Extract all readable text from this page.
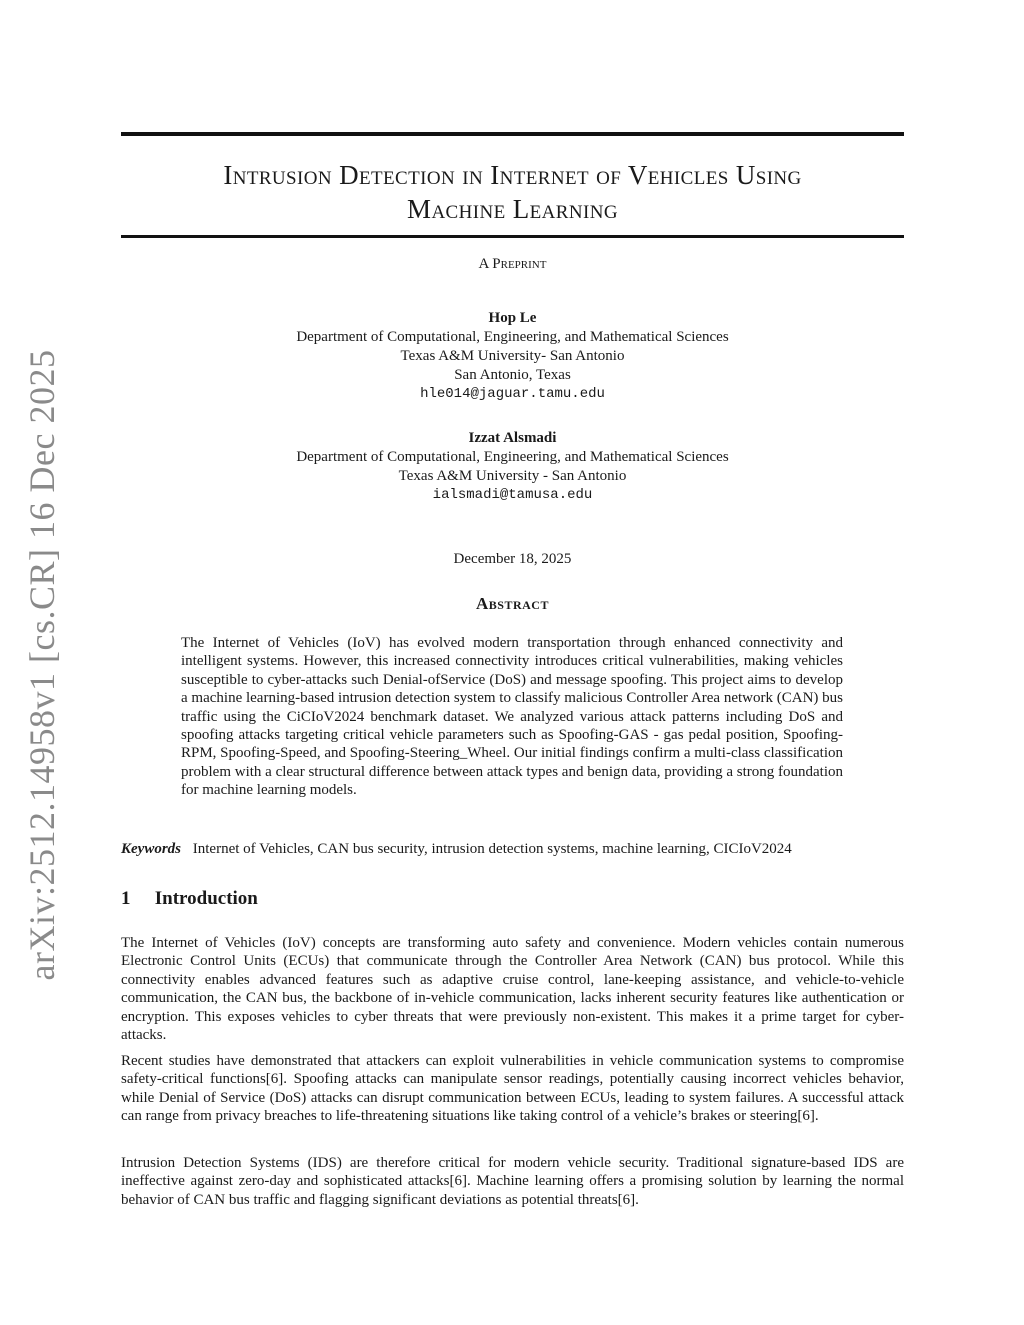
arXiv:2512.14958v1 [cs.CR] 16 Dec 2025
Intrusion Detection in Internet of Vehicles Using
Machine Learning
A Preprint
Hop Le
Department of Computational, Engineering, and Mathematical Sciences
Texas A&M University- San Antonio
San Antonio, Texas
hle014@jaguar.tamu.edu
Izzat Alsmadi
Department of Computational, Engineering, and Mathematical Sciences
Texas A&M University - San Antonio
ialsmadi@tamusa.edu
December 18, 2025
Abstract

The Internet of Vehicles (IoV) has evolved modern transportation through enhanced connectivity and intelligent systems. However, this increased connectivity introduces critical vulnerabilities, making vehicles susceptible to cyber-attacks such Denial-ofService (DoS) and message spoofing. This project aims to develop a machine learning-based intrusion detection system to classify malicious Controller Area network (CAN) bus traffic using the CiCIoV2024 benchmark dataset. We analyzed various attack patterns including DoS and spoofing attacks targeting critical vehicle parameters such as Spoofing-GAS - gas pedal position, Spoofing-RPM, Spoofing-Speed, and Spoofing-Steering_Wheel. Our initial findings confirm a multi-class classification problem with a clear structural difference between attack types and benign data, providing a strong foundation for machine learning models.

Keywords Internet of Vehicles, CAN bus security, intrusion detection systems, machine learning, CICIoV2024
1 Introduction

The Internet of Vehicles (IoV) concepts are transforming auto safety and convenience. Modern vehicles contain numerous Electronic Control Units (ECUs) that communicate through the Controller Area Network (CAN) bus protocol. While this connectivity enables advanced features such as adaptive cruise control, lane-keeping assistance, and vehicle-to-vehicle communication, the CAN bus, the backbone of in-vehicle communication, lacks inherent security features like authentication or encryption. This exposes vehicles to cyber threats that were previously non-existent. This makes it a prime target for cyber-attacks.

Recent studies have demonstrated that attackers can exploit vulnerabilities in vehicle communication systems to compromise safety-critical functions[6]. Spoofing attacks can manipulate sensor readings, potentially causing incorrect vehicles behavior, while Denial of Service (DoS) attacks can disrupt communication between ECUs, leading to system failures. A successful attack can range from privacy breaches to life-threatening situations like taking control of a vehicle’s brakes or steering[6].

Intrusion Detection Systems (IDS) are therefore critical for modern vehicle security. Traditional signature-based IDS are ineffective against zero-day and sophisticated attacks[6]. Machine learning offers a promising solution by learning the normal behavior of CAN bus traffic and flagging significant deviations as potential threats[6].
